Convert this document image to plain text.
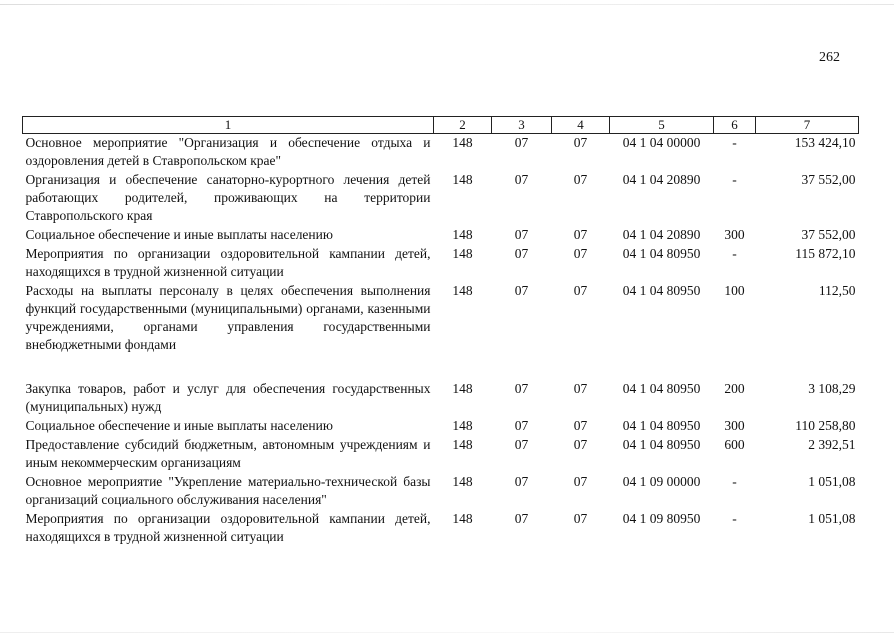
262
1	2	3	4	5	6	7
Основное мероприятие "Организация и обеспечение отдыха и оздоровления детей в Ставропольском крае"	148	07	07	04 1 04 00000	-	153 424,10
Организация и обеспечение санаторно-курортного лечения детей работающих родителей, проживающих на территории Ставропольского края	148	07	07	04 1 04 20890	-	37 552,00
Социальное обеспечение и иные выплаты населению	148	07	07	04 1 04 20890	300	37 552,00
Мероприятия по организации оздоровительной кампании детей, находящихся в трудной жизненной ситуации	148	07	07	04 1 04 80950	-	115 872,10
Расходы на выплаты персоналу в целях обеспечения выполнения функций государственными (муниципальными) органами, казенными учреждениями, органами управления государственными внебюджетными фондами	148	07	07	04 1 04 80950	100	112,50

Закупка товаров, работ и услуг для обеспечения государственных (муниципальных) нужд	148	07	07	04 1 04 80950	200	3 108,29
Социальное обеспечение и иные выплаты населению	148	07	07	04 1 04 80950	300	110 258,80
Предоставление субсидий бюджетным, автономным учреждениям и иным некоммерческим организациям	148	07	07	04 1 04 80950	600	2 392,51
Основное мероприятие "Укрепление материально-технической базы организаций социального обслуживания населения"	148	07	07	04 1 09 00000	-	1 051,08
Мероприятия по организации оздоровительной кампании детей, находящихся в трудной жизненной ситуации	148	07	07	04 1 09 80950	-	1 051,08
